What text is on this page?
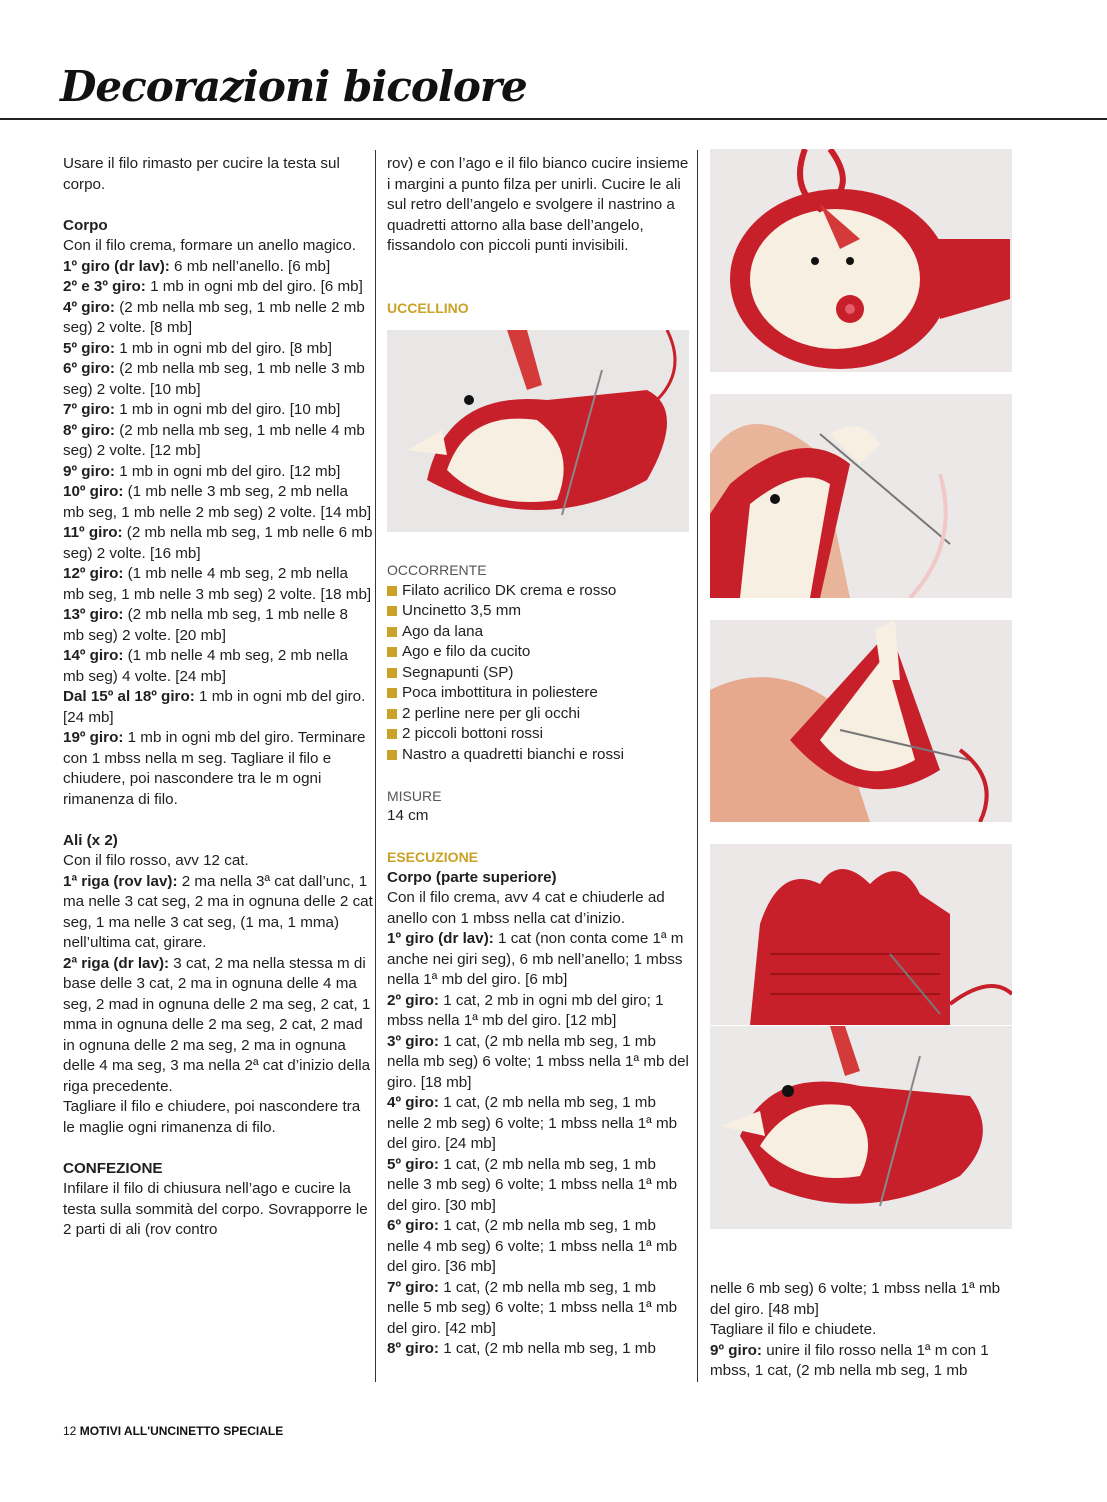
Decorazioni bicolore

Usare il filo rimasto per cucire la testa sul corpo.

Corpo

Con il filo crema, formare un anello magico.

1º giro (dr lav): 6 mb nell’anello. [6 mb]

2º e 3º giro: 1 mb in ogni mb del giro. [6 mb]

4º giro: (2 mb nella mb seg, 1 mb nelle 2 mb seg) 2 volte. [8 mb]

5º giro: 1 mb in ogni mb del giro. [8 mb]

6º giro: (2 mb nella mb seg, 1 mb nelle 3 mb seg) 2 volte. [10 mb]

7º giro: 1 mb in ogni mb del giro. [10 mb]

8º giro: (2 mb nella mb seg, 1 mb nelle 4 mb seg) 2 volte. [12 mb]

9º giro: 1 mb in ogni mb del giro. [12 mb]

10º giro: (1 mb nelle 3 mb seg, 2 mb nella mb seg, 1 mb nelle 2 mb seg) 2 volte. [14 mb]

11º giro: (2 mb nella mb seg, 1 mb nelle 6 mb seg) 2 volte. [16 mb]

12º giro: (1 mb nelle 4 mb seg, 2 mb nella mb seg, 1 mb nelle 3 mb seg) 2 volte. [18 mb]

13º giro: (2 mb nella mb seg, 1 mb nelle 8 mb seg) 2 volte. [20 mb]

14º giro: (1 mb nelle 4 mb seg, 2 mb nella mb seg) 4 volte. [24 mb]

Dal 15º al 18º giro: 1 mb in ogni mb del giro. [24 mb]

19º giro: 1 mb in ogni mb del giro. Terminare con 1 mbss nella m seg. Tagliare il filo e chiudere, poi nascondere tra le m ogni rimanenza di filo.

Ali (x 2)

Con il filo rosso, avv 12 cat.

1ª riga (rov lav): 2 ma nella 3ª cat dall’unc, 1 ma nelle 3 cat seg, 2 ma in ognuna delle 2 cat seg, 1 ma nelle 3 cat seg, (1 ma, 1 mma) nell’ultima cat, girare.

2ª riga (dr lav): 3 cat, 2 ma nella stessa m di base delle 3 cat, 2 ma in ognuna delle 4 ma seg, 2 mad in ognuna delle 2 ma seg, 2 cat, 1 mma in ognuna delle 2 ma seg, 2 cat, 2 mad in ognuna delle 2 ma seg, 2 ma in ognuna delle 4 ma seg, 3 ma nella 2ª cat d’inizio della riga precedente.

Tagliare il filo e chiudere, poi nascondere tra le maglie ogni rimanenza di filo.

CONFEZIONE

Infilare il filo di chiusura nell’ago e cucire la testa sulla sommità del corpo. Sovrapporre le 2 parti di ali (rov contro

rov) e con l’ago e il filo bianco cucire insieme i margini a punto filza per unirli. Cucire le ali sul retro dell’angelo e svolgere il nastrino a quadretti attorno alla base dell’angelo, fissandolo con piccoli punti invisibili.

UCCELLINO

OCCORRENTE

Filato acrilico DK crema e rosso
Uncinetto 3,5 mm
Ago da lana
Ago e filo da cucito
Segnapunti (SP)
Poca imbottitura in poliestere
2 perline nere per gli occhi
2 piccoli bottoni rossi
Nastro a quadretti bianchi e rossi

MISURE

14 cm

ESECUZIONE

Corpo (parte superiore)

Con il filo crema, avv 4 cat e chiuderle ad anello con 1 mbss nella cat d’inizio.

1º giro (dr lav): 1 cat (non conta come 1ª m anche nei giri seg), 6 mb nell’anello; 1 mbss nella 1ª mb del giro. [6 mb]

2º giro: 1 cat, 2 mb in ogni mb del giro; 1 mbss nella 1ª mb del giro. [12 mb]

3º giro: 1 cat, (2 mb nella mb seg, 1 mb nella mb seg) 6 volte; 1 mbss nella 1ª mb del giro. [18 mb]

4º giro: 1 cat, (2 mb nella mb seg, 1 mb nelle 2 mb seg) 6 volte; 1 mbss nella 1ª mb del giro. [24 mb]

5º giro: 1 cat, (2 mb nella mb seg, 1 mb nelle 3 mb seg) 6 volte; 1 mbss nella 1ª mb del giro. [30 mb]

6º giro: 1 cat, (2 mb nella mb seg, 1 mb nelle 4 mb seg) 6 volte; 1 mbss nella 1ª mb del giro. [36 mb]

7º giro: 1 cat, (2 mb nella mb seg, 1 mb nelle 5 mb seg) 6 volte; 1 mbss nella 1ª mb del giro. [42 mb]

8º giro: 1 cat, (2 mb nella mb seg, 1 mb

nelle 6 mb seg) 6 volte; 1 mbss nella 1ª mb del giro. [48 mb]

Tagliare il filo e chiudete.

9º giro: unire il filo rosso nella 1ª m con 1 mbss, 1 cat, (2 mb nella mb seg, 1 mb

12 MOTIVI ALL'UNCINETTO SPECIALE
